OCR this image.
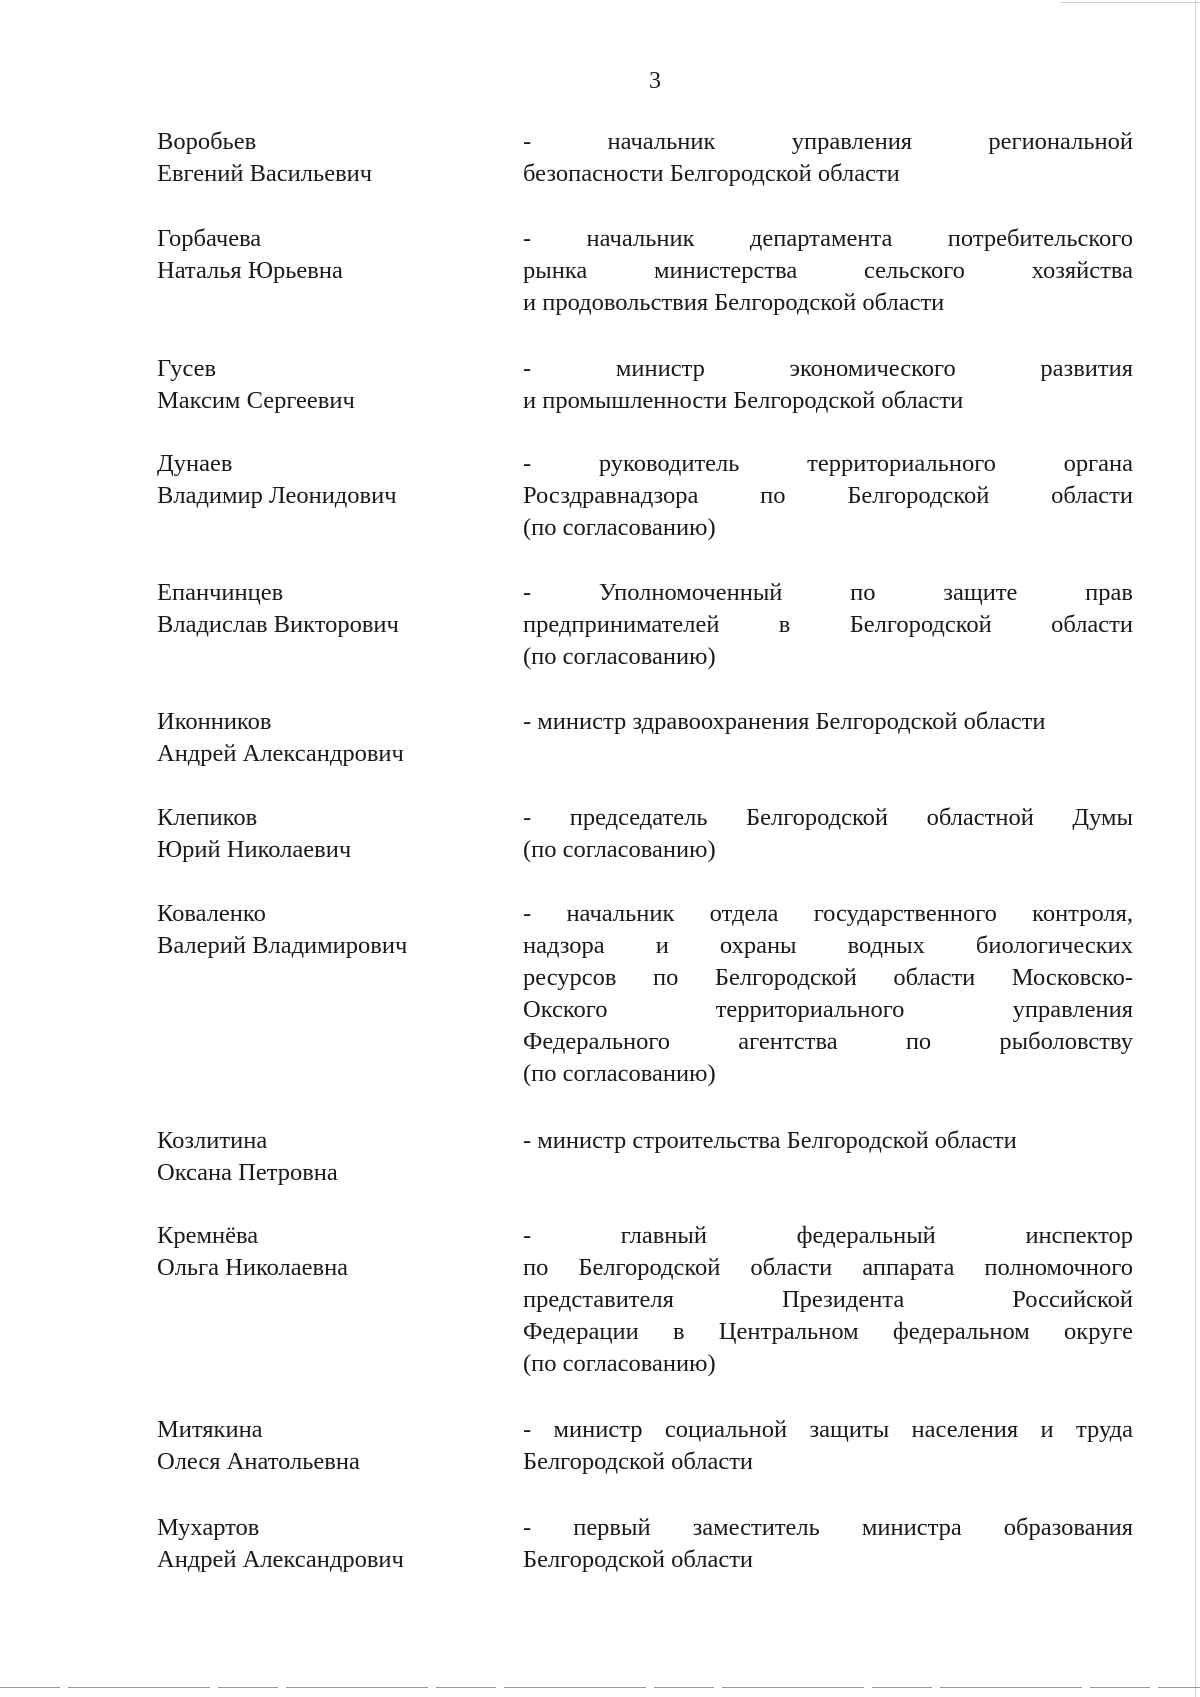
3
Воробьев
Евгений Васильевич
- начальник управления региональной
безопасности Белгородской области
Горбачева
Наталья Юрьевна
- начальник департамента потребительского
рынка министерства сельского хозяйства
и продовольствия Белгородской области
Гусев
Максим Сергеевич
- министр экономического развития
и промышленности Белгородской области
Дунаев
Владимир Леонидович
- руководитель территориального органа
Росздравнадзора по Белгородской области
(по согласованию)
Епанчинцев
Владислав Викторович
- Уполномоченный по защите прав
предпринимателей в Белгородской области
(по согласованию)
Иконников
Андрей Александрович
- министр здравоохранения Белгородской области
Клепиков
Юрий Николаевич
- председатель Белгородской областной Думы
(по согласованию)
Коваленко
Валерий Владимирович
- начальник отдела государственного контроля,
надзора и охраны водных биологических
ресурсов по Белгородской области Московско-
Окского территориального управления
Федерального агентства по рыболовству
(по согласованию)
Козлитина
Оксана Петровна
- министр строительства Белгородской области
Кремнёва
Ольга Николаевна
- главный федеральный инспектор
по Белгородской области аппарата полномочного
представителя Президента Российской
Федерации в Центральном федеральном округе
(по согласованию)
Митякина
Олеся Анатольевна
- министр социальной защиты населения и труда
Белгородской области
Мухартов
Андрей Александрович
- первый заместитель министра образования
Белгородской области
